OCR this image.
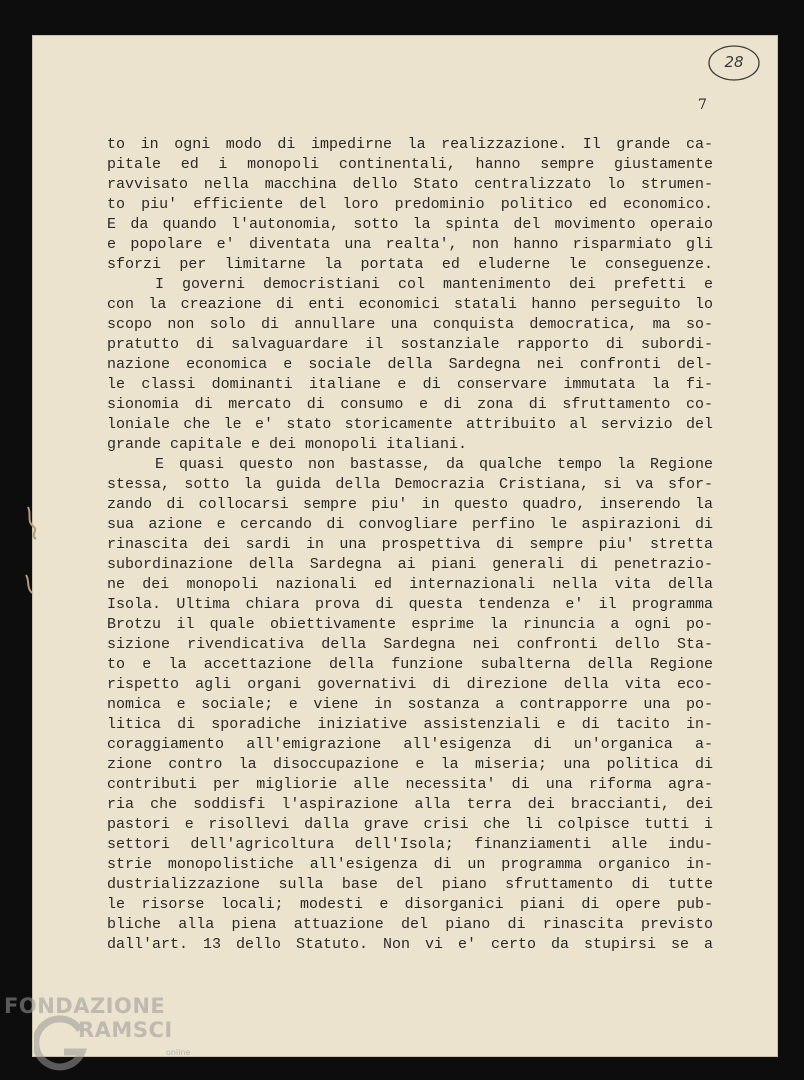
28
7
to in ogni modo di impedirne la realizzazione. Il grande ca-
pitale ed i monopoli continentali, hanno sempre giustamente
ravvisato nella macchina dello Stato centralizzato lo strumen-
to piu' efficiente del loro predominio politico ed economico.
E da quando l'autonomia, sotto la spinta del movimento operaio
e popolare e' diventata una realta', non hanno risparmiato gli
sforzi per limitarne la portata ed eluderne le conseguenze.
I governi democristiani col mantenimento dei prefetti e
con la creazione di enti economici statali hanno perseguito lo
scopo non solo di annullare una conquista democratica, ma so-
pratutto di salvaguardare il sostanziale rapporto di subordi-
nazione economica e sociale della Sardegna nei confronti del-
le classi dominanti italiane e di conservare immutata la fi-
sionomia di mercato di consumo e di zona di sfruttamento co-
loniale che le e' stato storicamente attribuito al servizio del
grande capitale e dei monopoli italiani.
E quasi questo non bastasse, da qualche tempo la Regione
stessa, sotto la guida della Democrazia Cristiana, si va sfor-
zando di collocarsi sempre piu' in questo quadro, inserendo la
sua azione e cercando di convogliare perfino le aspirazioni di
rinascita dei sardi in una prospettiva di sempre piu' stretta
subordinazione della Sardegna ai piani generali di penetrazio-
ne dei monopoli nazionali ed internazionali nella vita della
Isola. Ultima chiara prova di questa tendenza e' il programma
Brotzu il quale obiettivamente esprime la rinuncia a ogni po-
sizione rivendicativa della Sardegna nei confronti dello Sta-
to e la accettazione della funzione subalterna della Regione
rispetto agli organi governativi di direzione della vita eco-
nomica e sociale; e viene in sostanza a contrapporre una po-
litica di sporadiche iniziative assistenziali e di tacito in-
coraggiamento all'emigrazione all'esigenza di un'organica a-
zione contro la disoccupazione e la miseria; una politica di
contributi per migliorie alle necessita' di una riforma agra-
ria che soddisfi l'aspirazione alla terra dei braccianti, dei
pastori e risollevi dalla grave crisi che li colpisce tutti i
settori dell'agricoltura dell'Isola; finanziamenti alle indu-
strie monopolistiche all'esigenza di un programma organico in-
dustrializzazione sulla base del piano sfruttamento di tutte
le risorse locali; modesti e disorganici piani di opere pub-
bliche alla piena attuazione del piano di rinascita previsto
dall'art. 13 dello Statuto. Non vi e' certo da stupirsi se a
FONDAZIONE
RAMSCI
online
